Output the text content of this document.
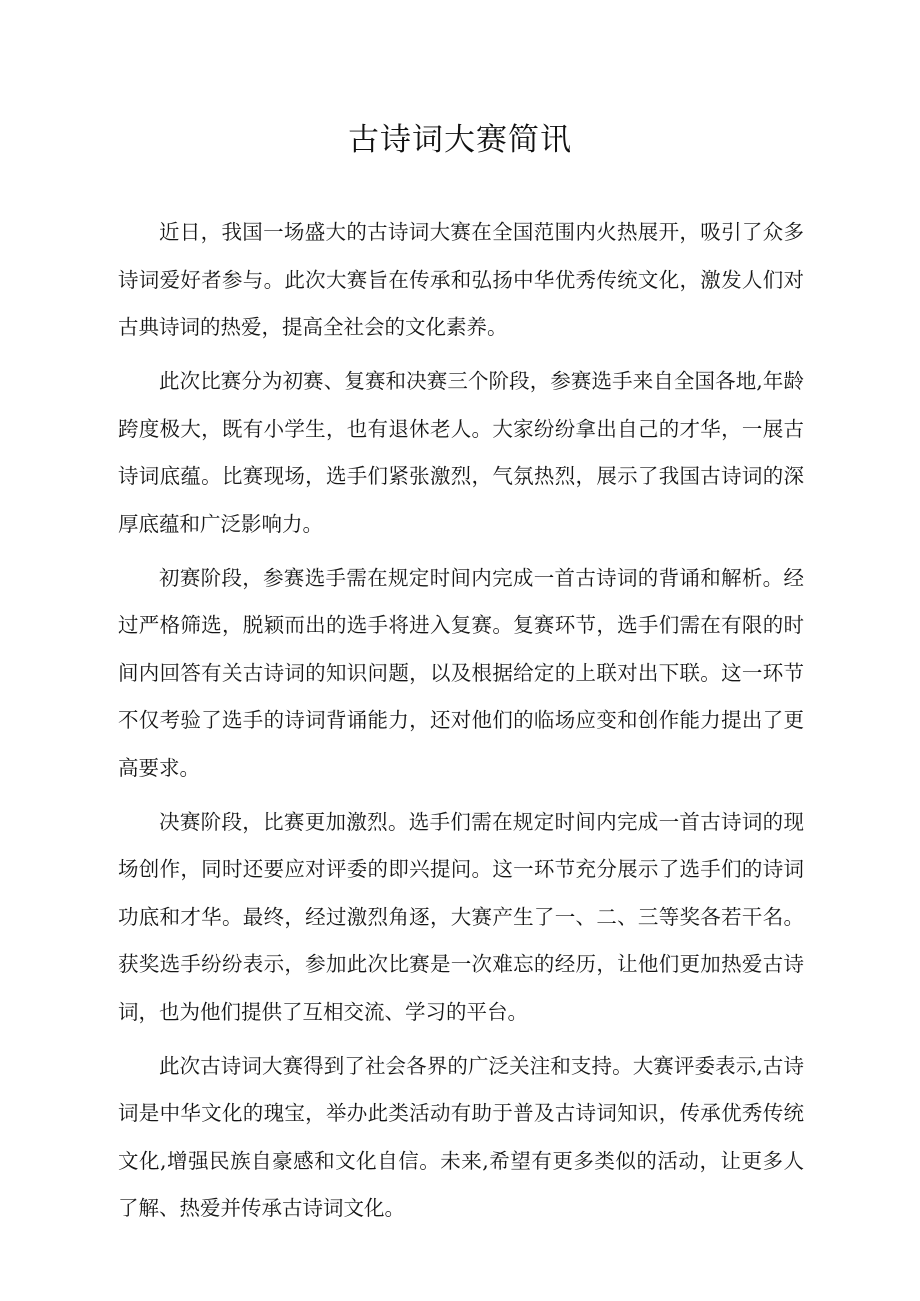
古诗词大赛简讯

近日，我国一场盛大的古诗词大赛在全国范围内火热展开，吸引了众多诗词爱好者参与。此次大赛旨在传承和弘扬中华优秀传统文化，激发人们对古典诗词的热爱，提高全社会的文化素养。

此次比赛分为初赛、复赛和决赛三个阶段，参赛选手来自全国各地,年龄跨度极大，既有小学生，也有退休老人。大家纷纷拿出自己的才华，一展古诗词底蕴。比赛现场，选手们紧张激烈，气氛热烈，展示了我国古诗词的深厚底蕴和广泛影响力。

初赛阶段，参赛选手需在规定时间内完成一首古诗词的背诵和解析。经过严格筛选，脱颖而出的选手将进入复赛。复赛环节，选手们需在有限的时间内回答有关古诗词的知识问题，以及根据给定的上联对出下联。这一环节不仅考验了选手的诗词背诵能力，还对他们的临场应变和创作能力提出了更高要求。

决赛阶段，比赛更加激烈。选手们需在规定时间内完成一首古诗词的现场创作，同时还要应对评委的即兴提问。这一环节充分展示了选手们的诗词功底和才华。最终，经过激烈角逐，大赛产生了一、二、三等奖各若干名。获奖选手纷纷表示，参加此次比赛是一次难忘的经历，让他们更加热爱古诗词，也为他们提供了互相交流、学习的平台。

此次古诗词大赛得到了社会各界的广泛关注和支持。大赛评委表示,古诗词是中华文化的瑰宝，举办此类活动有助于普及古诗词知识，传承优秀传统文化,增强民族自豪感和文化自信。未来,希望有更多类似的活动，让更多人了解、热爱并传承古诗词文化。
